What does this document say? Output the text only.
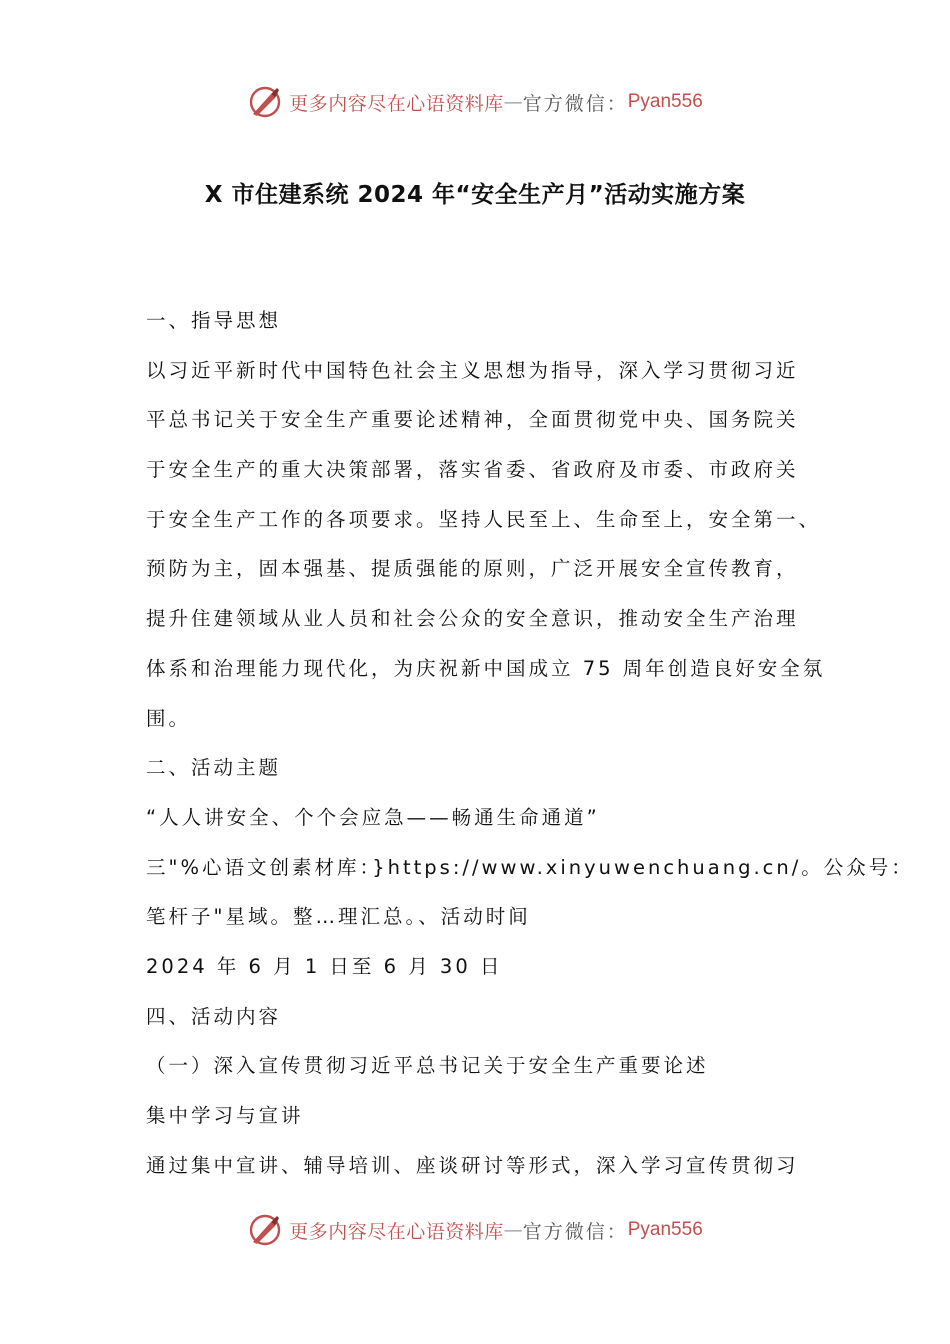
更多内容尽在心语资料库 — 官方微信： Pyan556
X 市住建系统 2024 年“安全生产月”活动实施方案
一、指导思想
以习近平新时代中国特色社会主义思想为指导，深入学习贯彻习近
平总书记关于安全生产重要论述精神，全面贯彻党中央、国务院关
于安全生产的重大决策部署，落实省委、省政府及市委、市政府关
于安全生产工作的各项要求。坚持人民至上、生命至上，安全第一、
预防为主，固本强基、提质强能的原则，广泛开展安全宣传教育，
提升住建领域从业人员和社会公众的安全意识，推动安全生产治理
体系和治理能力现代化，为庆祝新中国成立 75 周年创造良好安全氛
围。
二、活动主题
“人人讲安全、个个会应急——畅通生命通道”
三"%心语文创素材库：}https://www.xinyuwenchuang.cn/。公众号：
笔杆子"星域。整…理汇总。、活动时间
2024 年 6 月 1 日至 6 月 30 日
四、活动内容
（一）深入宣传贯彻习近平总书记关于安全生产重要论述
集中学习与宣讲
通过集中宣讲、辅导培训、座谈研讨等形式，深入学习宣传贯彻习
更多内容尽在心语资料库 — 官方微信： Pyan556
